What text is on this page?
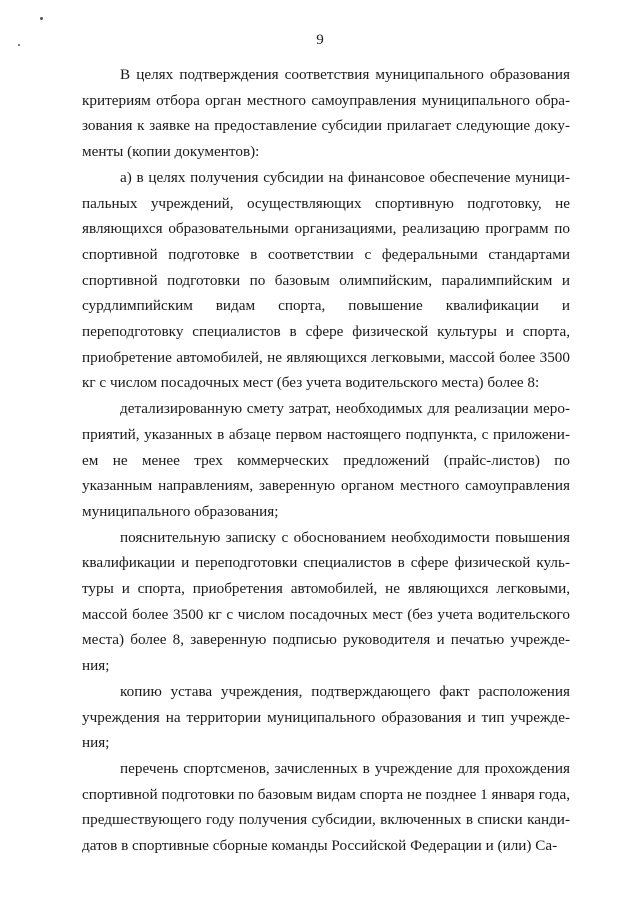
9

В целях подтверждения соответствия муниципального образования критериям отбора орган местного самоуправления муниципального образования к заявке на предоставление субсидии прилагает следующие документы (копии документов):

а) в целях получения субсидии на финансовое обеспечение муниципальных учреждений, осуществляющих спортивную подготовку, не являющихся образовательными организациями, реализацию программ по спортивной подготовке в соответствии с федеральными стандартами спортивной подготовки по базовым олимпийским, паралимпийским и сурдлимпийским видам спорта, повышение квалификации и переподготовку специалистов в сфере физической культуры и спорта, приобретение автомобилей, не являющихся легковыми, массой более 3500 кг с числом посадочных мест (без учета водительского места) более 8:

детализированную смету затрат, необходимых для реализации мероприятий, указанных в абзаце первом настоящего подпункта, с приложением не менее трех коммерческих предложений (прайс-листов) по указанным направлениям, заверенную органом местного самоуправления муниципального образования;

пояснительную записку с обоснованием необходимости повышения квалификации и переподготовки специалистов в сфере физической культуры и спорта, приобретения автомобилей, не являющихся легковыми, массой более 3500 кг с числом посадочных мест (без учета водительского места) более 8, заверенную подписью руководителя и печатью учреждения;

копию устава учреждения, подтверждающего факт расположения учреждения на территории муниципального образования и тип учреждения;

перечень спортсменов, зачисленных в учреждение для прохождения спортивной подготовки по базовым видам спорта не позднее 1 января года, предшествующего году получения субсидии, включенных в списки кандидатов в спортивные сборные команды Российской Федерации и (или) Са-
